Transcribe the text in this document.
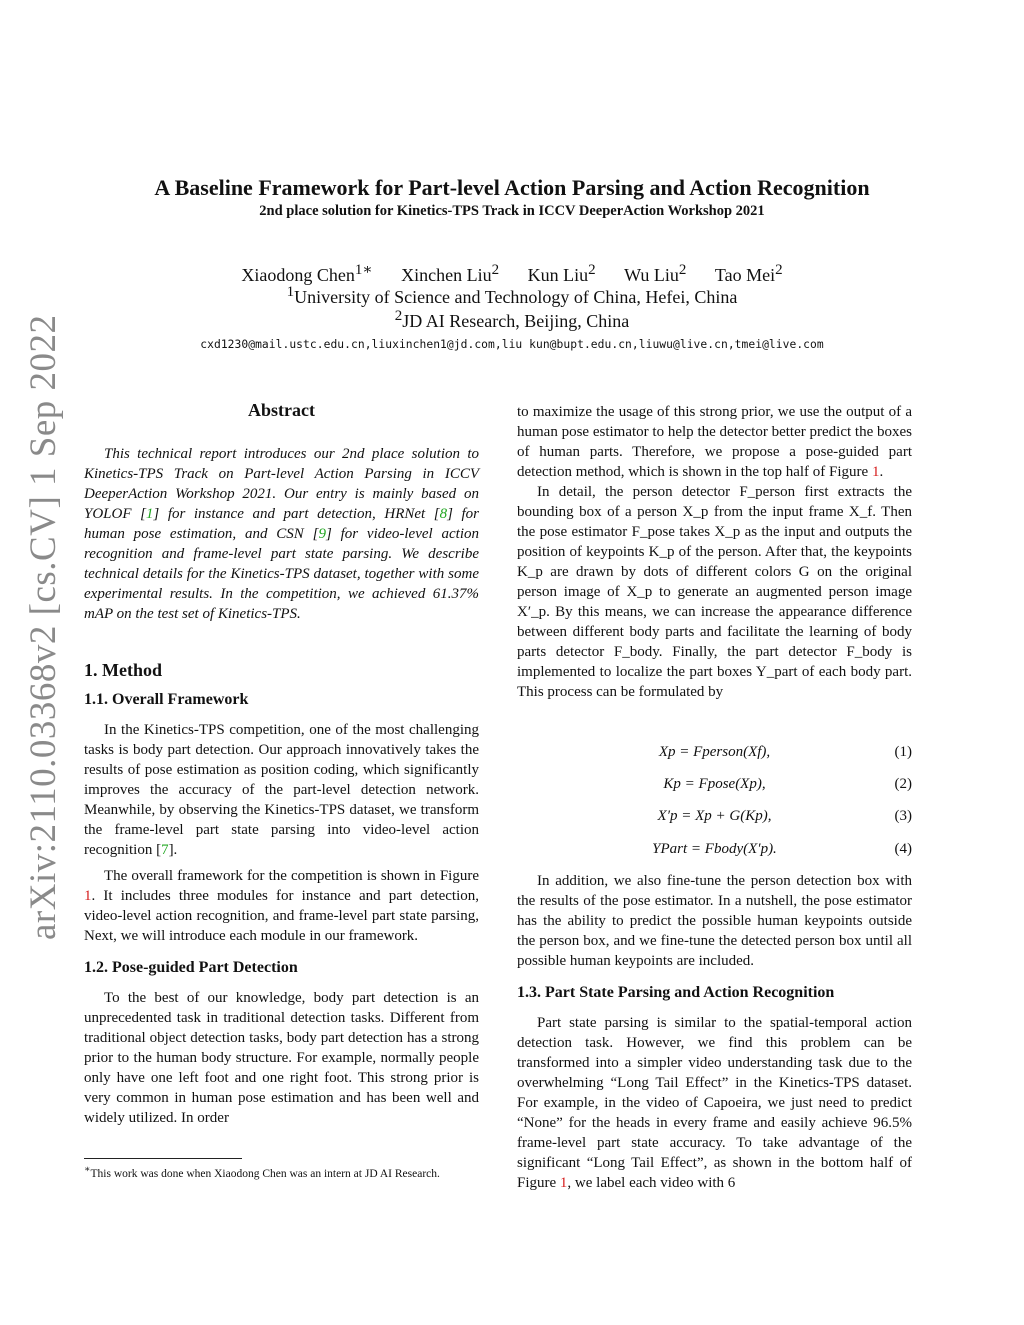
arXiv:2110.03368v2 [cs.CV] 1 Sep 2022
A Baseline Framework for Part-level Action Parsing and Action Recognition
2nd place solution for Kinetics-TPS Track in ICCV DeeperAction Workshop 2021
Xiaodong Chen$^{1∗}$ Xinchen Liu$^2$ Kun Liu$^2$ Wu Liu$^2$ Tao Mei$^2$
$^1$University of Science and Technology of China, Hefei, China
$^2$JD AI Research, Beijing, China
cxd1230@mail.ustc.edu.cn,liuxinchen1@jd.com,liu kun@bupt.edu.cn,liuwu@live.cn,tmei@live.com
Abstract

This technical report introduces our 2nd place solution to Kinetics-TPS Track on Part-level Action Parsing in ICCV DeeperAction Workshop 2021. Our entry is mainly based on YOLOF [1] for instance and part detection, HRNet [8] for human pose estimation, and CSN [9] for video-level action recognition and frame-level part state parsing. We describe technical details for the Kinetics-TPS dataset, together with some experimental results. In the competition, we achieved 61.37% mAP on the test set of Kinetics-TPS.

1. Method
1.1. Overall Framework

In the Kinetics-TPS competition, one of the most challenging tasks is body part detection. Our approach innovatively takes the results of pose estimation as position coding, which significantly improves the accuracy of the part-level detection network. Meanwhile, by observing the Kinetics-TPS dataset, we transform the frame-level part state parsing into video-level action recognition [7].

The overall framework for the competition is shown in Figure 1. It includes three modules for instance and part detection, video-level action recognition, and frame-level part state parsing, Next, we will introduce each module in our framework.

1.2. Pose-guided Part Detection

To the best of our knowledge, body part detection is an unprecedented task in traditional detection tasks. Different from traditional object detection tasks, body part detection has a strong prior to the human body structure. For example, normally people only have one left foot and one right foot. This strong prior is very common in human pose estimation and has been well and widely utilized. In order

∗This work was done when Xiaodong Chen was an intern at JD AI Research.

to maximize the usage of this strong prior, we use the output of a human pose estimator to help the detector better predict the boxes of human parts. Therefore, we propose a pose-guided part detection method, which is shown in the top half of Figure 1.

In detail, the person detector F_person first extracts the bounding box of a person X_p from the input frame X_f. Then the pose estimator F_pose takes X_p as the input and outputs the position of keypoints K_p of the person. After that, the keypoints K_p are drawn by dots of different colors G on the original person image of X_p to generate an augmented person image X′_p. By this means, we can increase the appearance difference between different body parts and facilitate the learning of body parts detector F_body. Finally, the part detector F_body is implemented to localize the part boxes Y_part of each body part. This process can be formulated by

Xp = Fperson(Xf),	(1)
Kp = Fpose(Xp),	(2)
X′p = Xp + G(Kp),	(3)
YPart = Fbody(X′p).	(4)

In addition, we also fine-tune the person detection box with the results of the pose estimator. In a nutshell, the pose estimator has the ability to predict the possible human keypoints outside the person box, and we fine-tune the detected person box until all possible human keypoints are included.

1.3. Part State Parsing and Action Recognition

Part state parsing is similar to the spatial-temporal action detection task. However, we find this problem can be transformed into a simpler video understanding task due to the overwhelming “Long Tail Effect” in the Kinetics-TPS dataset. For example, in the video of Capoeira, we just need to predict “None” for the heads in every frame and easily achieve 96.5% frame-level part state accuracy. To take advantage of the significant “Long Tail Effect”, as shown in the bottom half of Figure 1, we label each video with 6
